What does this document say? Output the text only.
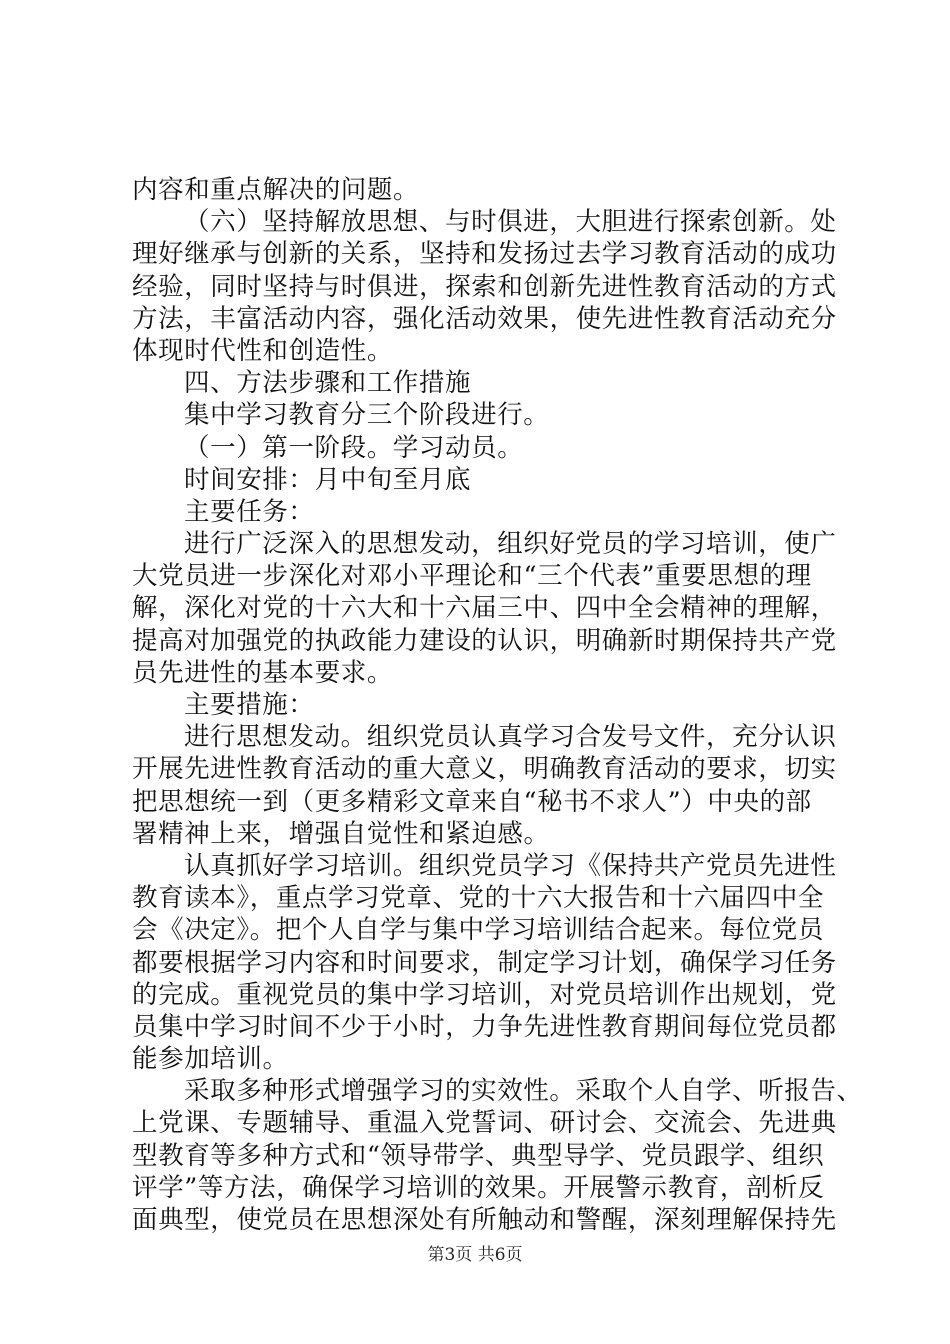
内容和重点解决的问题。
（六）坚持解放思想、与时俱进，大胆进行探索创新。处
理好继承与创新的关系，坚持和发扬过去学习教育活动的成功
经验，同时坚持与时俱进，探索和创新先进性教育活动的方式
方法，丰富活动内容，强化活动效果，使先进性教育活动充分
体现时代性和创造性。
四、方法步骤和工作措施
集中学习教育分三个阶段进行。
（一）第一阶段。学习动员。
时间安排：月中旬至月底
主要任务：
进行广泛深入的思想发动，组织好党员的学习培训，使广
大党员进一步深化对邓小平理论和“三个代表”重要思想的理
解，深化对党的十六大和十六届三中、四中全会精神的理解，
提高对加强党的执政能力建设的认识，明确新时期保持共产党
员先进性的基本要求。
主要措施：
进行思想发动。组织党员认真学习合发号文件，充分认识
开展先进性教育活动的重大意义，明确教育活动的要求，切实
把思想统一到（更多精彩文章来自“秘书不求人”）中央的部
署精神上来，增强自觉性和紧迫感。
认真抓好学习培训。组织党员学习《保持共产党员先进性
教育读本》，重点学习党章、党的十六大报告和十六届四中全
会《决定》。把个人自学与集中学习培训结合起来。每位党员
都要根据学习内容和时间要求，制定学习计划，确保学习任务
的完成。重视党员的集中学习培训，对党员培训作出规划，党
员集中学习时间不少于小时，力争先进性教育期间每位党员都
能参加培训。
采取多种形式增强学习的实效性。采取个人自学、听报告、
上党课、专题辅导、重温入党誓词、研讨会、交流会、先进典
型教育等多种方式和“领导带学、典型导学、党员跟学、组织
评学”等方法，确保学习培训的效果。开展警示教育，剖析反
面典型，使党员在思想深处有所触动和警醒，深刻理解保持先
第3页 共6页
